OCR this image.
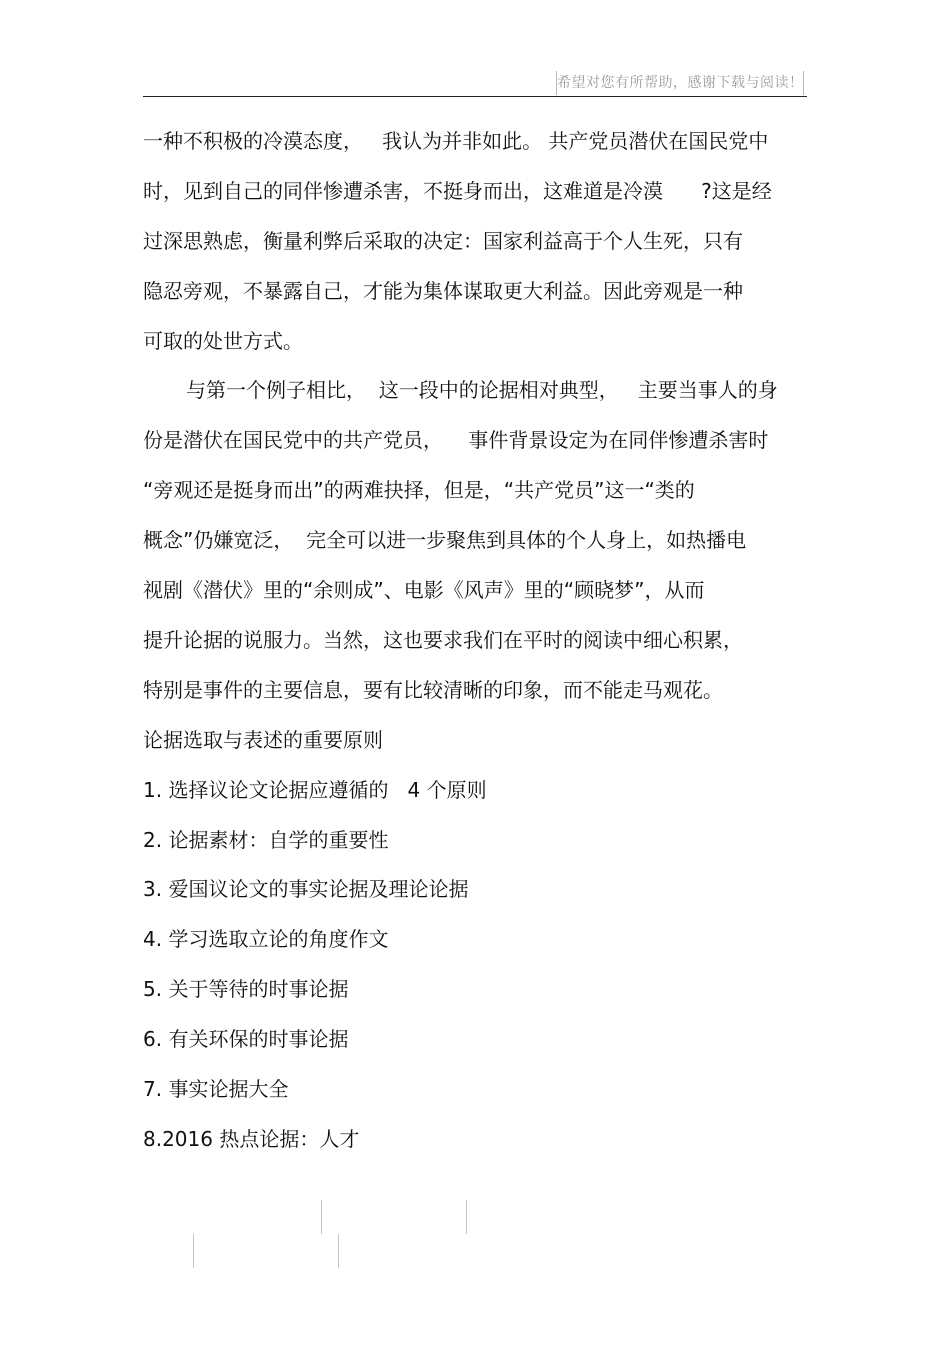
希望对您有所帮助，感谢下载与阅读！
一种不积极的冷漠态度，   我认为并非如此。 共产党员潜伏在国民党中
时，见到自己的同伴惨遭杀害，不挺身而出，这难道是冷漠      ?这是经
过深思熟虑，衡量利弊后采取的决定：国家利益高于个人生死，只有
隐忍旁观，不暴露自己，才能为集体谋取更大利益。因此旁观是一种
可取的处世方式。
与第一个例子相比，  这一段中的论据相对典型，   主要当事人的身
份是潜伏在国民党中的共产党员，    事件背景设定为在同伴惨遭杀害时
“旁观还是挺身而出”的两难抉择，但是，“共产党员”这一“类的
概念”仍嫌宽泛，  完全可以进一步聚焦到具体的个人身上，如热播电
视剧《潜伏》里的“余则成”、电影《风声》里的“顾晓梦”，从而
提升论据的说服力。当然，这也要求我们在平时的阅读中细心积累，
特别是事件的主要信息，要有比较清晰的印象，而不能走马观花。
论据选取与表述的重要原则
1. 选择议论文论据应遵循的   4 个原则
2. 论据素材：自学的重要性
3. 爱国议论文的事实论据及理论论据
4. 学习选取立论的角度作文
5. 关于等待的时事论据
6. 有关环保的时事论据
7. 事实论据大全
8.2016 热点论据：人才
